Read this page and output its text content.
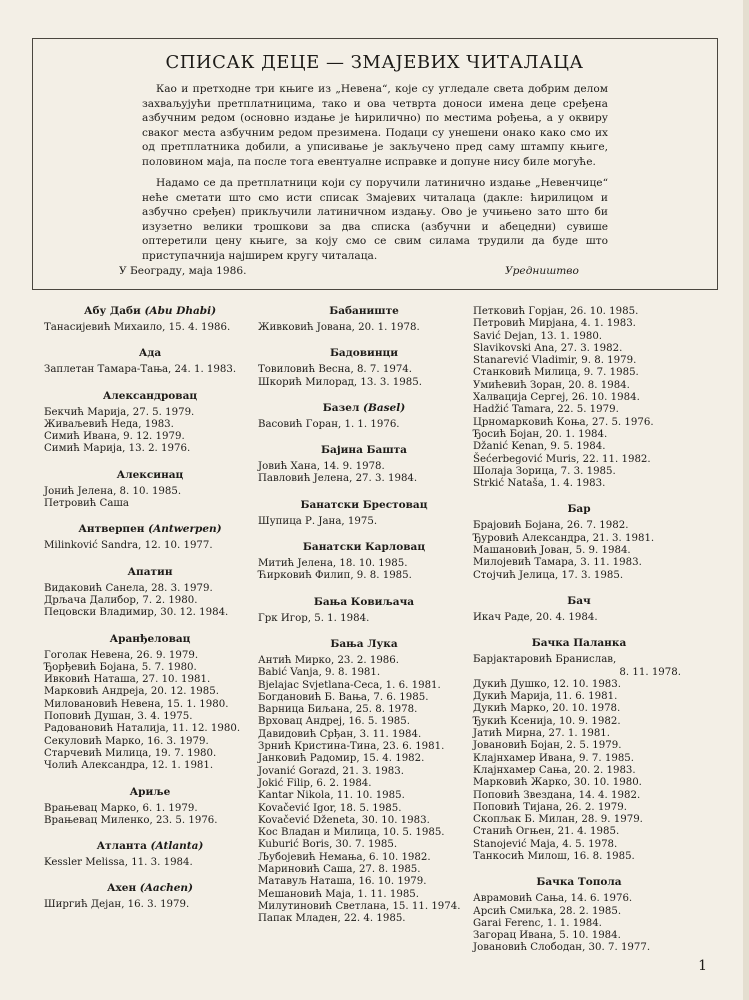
СПИСАК ДЕЦЕ — ЗМАЈЕВИХ ЧИТАЛАЦА

Као и претходне три књиге из „Невена“, које су угледале света добрим делом захваљујући претплатницима, тако и ова четврта доноси имена деце сређена азбучним редом (основно издање је ћирилично) по местима рођења, а у оквиру сваког места азбучним редом презимена. Подаци су унешени онако како смо их од претплатника добили, а уписивање је закључено пред саму штампу књиге, половином маја, па после тога евентуалне исправке и допуне нису биле могуће.

Надамо се да претплатници који су поручили латинично издање „Невенчице“ неће сметати што смо исти списак Змајевих читалаца (дакле: ћирилицом и азбучно сређен) прикључили латиничном издању. Ово је учињено зато што би изузетно велики трошкови за два списка (азбучни и абецедни) сувише оптеретили цену књиге, за коју смо се свим силама трудили да буде што приступачнија најширем кругу читалаца.

У Београду, маја 1986.	Уредништво
Абу Даби (Abu Dhabi)
Танасијевић Михаило, 15. 4. 1986.
Ада
Заплетан Тамара-Тања, 24. 1. 1983.
Александровац
Бекчић Марија, 27. 5. 1979.
Живаљевић Неда, 1983.
Симић Ивана, 9. 12. 1979.
Симић Марија, 13. 2. 1976.
Алексинац
Јонић Јелена, 8. 10. 1985.
Петровић Саша
Антверпен (Antwerpen)
Milinković Sandra, 12. 10. 1977.
Апатин
Видаковић Санела, 28. 3. 1979.
Дрљача Далибор, 7. 2. 1980.
Пецовски Владимир, 30. 12. 1984.
Аранђеловац
Гоголак Невена, 26. 9. 1979.
Ђорђевић Бојана, 5. 7. 1980.
Ивковић Наташа, 27. 10. 1981.
Марковић Андреја, 20. 12. 1985.
Милованoвић Невена, 15. 1. 1980.
Поповић Душан, 3. 4. 1975.
Радовановић Наталија, 11. 12. 1980.
Секуловић Марко, 16. 3. 1979.
Старчевић Милица, 19. 7. 1980.
Чолић Александра, 12. 1. 1981.
Ариље
Врањевац Марко, 6. 1. 1979.
Врањевац Миленко, 23. 5. 1976.
Атланта (Atlanta)
Kessler Melissa, 11. 3. 1984.
Ахен (Aachen)
Ширгић Дејан, 16. 3. 1979.
Бабаниште
Живковић Јована, 20. 1. 1978.
Бадовинци
Товиловић Весна, 8. 7. 1974.
Шкорић Милорад, 13. 3. 1985.
Базел (Basel)
Васовић Горан, 1. 1. 1976.
Бајина Башта
Јовић Хана, 14. 9. 1978.
Павловић Јелена, 27. 3. 1984.
Банатски Брестовац
Шупица Р. Јана, 1975.
Банатски Карловац
Митић Јелена, 18. 10. 1985.
Ћирковић Филип, 9. 8. 1985.
Бања Ковиљача
Грк Игор, 5. 1. 1984.
Бања Лука
Антић Мирко, 23. 2. 1986.
Babić Vanja, 9. 8. 1981.
Bjelajac Svjetlana-Ceca, 1. 6. 1981.
Богдановић Б. Вања, 7. 6. 1985.
Варница Биљана, 25. 8. 1978.
Врховац Андреј, 16. 5. 1985.
Давидовић Срђан, 3. 11. 1984.
Зрнић Кристина-Тина, 23. 6. 1981.
Јанковић Радомир, 15. 4. 1982.
Jovanić Gorazd, 21. 3. 1983.
Jokić Filip, 6. 2. 1984.
Kantar Nikola, 11. 10. 1985.
Kovačević Igor, 18. 5. 1985.
Kovačević Dženeta, 30. 10. 1983.
Кос Владан и Милица, 10. 5. 1985.
Kuburić Boris, 30. 7. 1985.
Љубојевић Немања, 6. 10. 1982.
Мариновић Саша, 27. 8. 1985.
Матавуљ Наташа, 16. 10. 1979.
Мешановић Маја, 1. 11. 1985.
Милутиновић Светлана, 15. 11. 1974.
Папак Младен, 22. 4. 1985.
Петковић Горјан, 26. 10. 1985.
Петровић Мирјана, 4. 1. 1983.
Savić Dejan, 13. 1. 1980.
Slavikovski Ana, 27. 3. 1982.
Stanarević Vladimir, 9. 8. 1979.
Станковић Милица, 9. 7. 1985.
Умићевић Зоран, 20. 8. 1984.
Халвација Сергеј, 26. 10. 1984.
Hadžić Tamara, 22. 5. 1979.
Црномарковић Коња, 27. 5. 1976.
Ђосић Бојан, 20. 1. 1984.
Džanić Kenan, 9. 5. 1984.
Šećerbegović Muris, 22. 11. 1982.
Шолаја Зорица, 7. 3. 1985.
Strkić Nataša, 1. 4. 1983.
Бар
Брајовић Бојана, 26. 7. 1982.
Ђуровић Александра, 21. 3. 1981.
Машановић Јован, 5. 9. 1984.
Милојевић Тамара, 3. 11. 1983.
Стојчић Јелица, 17. 3. 1985.
Бач
Икач Раде, 20. 4. 1984.
Бачка Паланка
Барјактаровић Бранислав,
8. 11. 1978.
Дукић Душко, 12. 10. 1983.
Дукић Марија, 11. 6. 1981.
Дукић Марко, 20. 10. 1978.
Ђукић Ксенија, 10. 9. 1982.
Јатић Мирна, 27. 1. 1981.
Јовановић Бојан, 2. 5. 1979.
Клајнхамер Ивана, 9. 7. 1985.
Клајнхамер Сања, 20. 2. 1983.
Марковић Жарко, 30. 10. 1980.
Поповић Звездана, 14. 4. 1982.
Поповић Тијана, 26. 2. 1979.
Скопљак Б. Милан, 28. 9. 1979.
Станић Огњен, 21. 4. 1985.
Stanojević Маја, 4. 5. 1978.
Танкосић Милош, 16. 8. 1985.
Бачка Топола
Аврамовић Сања, 14. 6. 1976.
Арсић Смиљка, 28. 2. 1985.
Garai Ferenc, 1. 1. 1984.
Загорац Ивана, 5. 10. 1984.
Јовановић Слободан, 30. 7. 1977.
1
